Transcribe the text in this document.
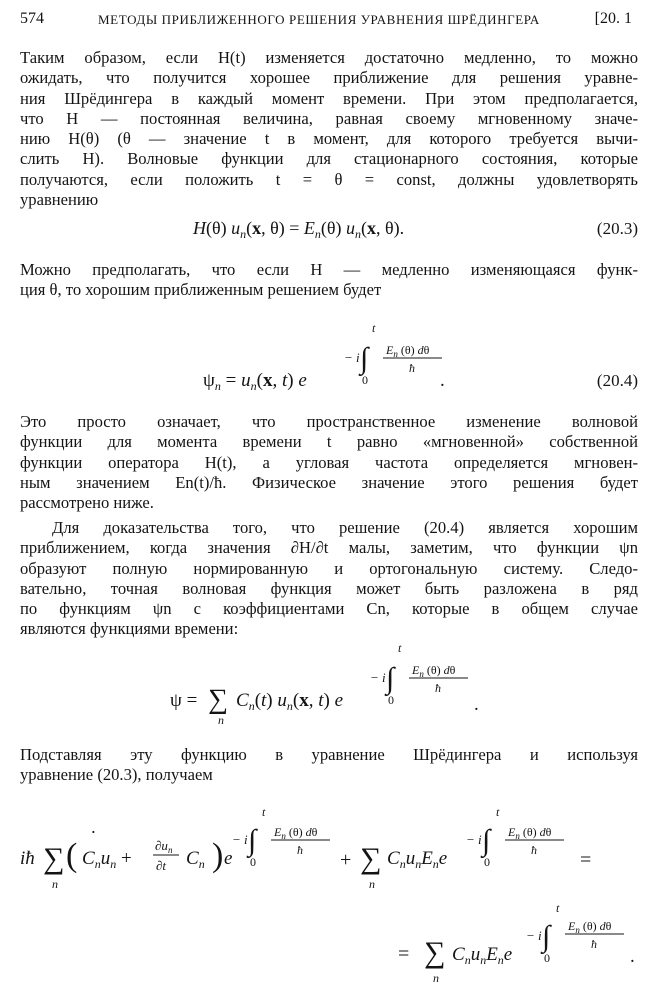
574	МЕТОДЫ ПРИБЛИЖЕННОГО РЕШЕНИЯ УРАВНЕНИЯ ШРЁДИНГЕРА	[20. 1
Таким образом, если H(t) изменяется достаточно медленно, то можно
ожидать, что получится хорошее приближение для решения уравне-
ния Шрёдингера в каждый момент времени. При этом предполагается,
что H — постоянная величина, равная своему мгновенному значе-
нию H(θ) (θ — значение t в момент, для которого требуется вычи-
слить H). Волновые функции для стационарного состояния, которые
получаются, если положить t = θ = const, должны удовлетворять
уравнению
H(θ) $u_n(x$, $\theta) = E_n(\theta)$ $u_n(x$, θ).	(20.3)
Можно предполагать, что если H — медленно изменяющаяся функ-
ция θ, то хорошим приближенным решением будет
$\psi_n = u_n(x$, t) e
− i ∫
t
0
$E_n$ (θ) dθ
ħ
.	(20.4)
Это просто означает, что пространственное изменение волновой
функции для момента времени t равно «мгновенной» собственной
функции оператора H(t), а угловая частота определяется мгновен-
ным значением En(t)/ħ. Физическое значение этого решения будет
рассмотрено ниже.
Для доказательства того, что решение (20.4) является хорошим
приближением, когда значения ∂H/∂t малы, заметим, что функции ψn
образуют полную нормированную и ортогональную систему. Следо-
вательно, точная волновая функция может быть разложена в ряд
по функциям ψn с коэффициентами Cn, которые в общем случае
являются функциями времени:
ψ = ∑
n
$C_n(t)$ $u_n(x$, t) e
− i ∫
t
0
$E_n$ (θ) dθ
ħ
.
Подставляя эту функцию в уравнение Шрёдингера и используя
уравнение (20.3), получаем
iħ ∑
n
( $C_nu_n$ +
˙	$\partial u_n$
∂t $C_n$ ) e
− i ∫
t
0
$E_n$ (θ) dθ
ħ + ∑
n
$C_nu_nE_ne$
− i ∫
t
0
$E_n$ (θ) dθ
ħ =
= ∑
n
$C_nu_nE_ne$
− i ∫
t
0
$E_n$ (θ) dθ
ħ
.
